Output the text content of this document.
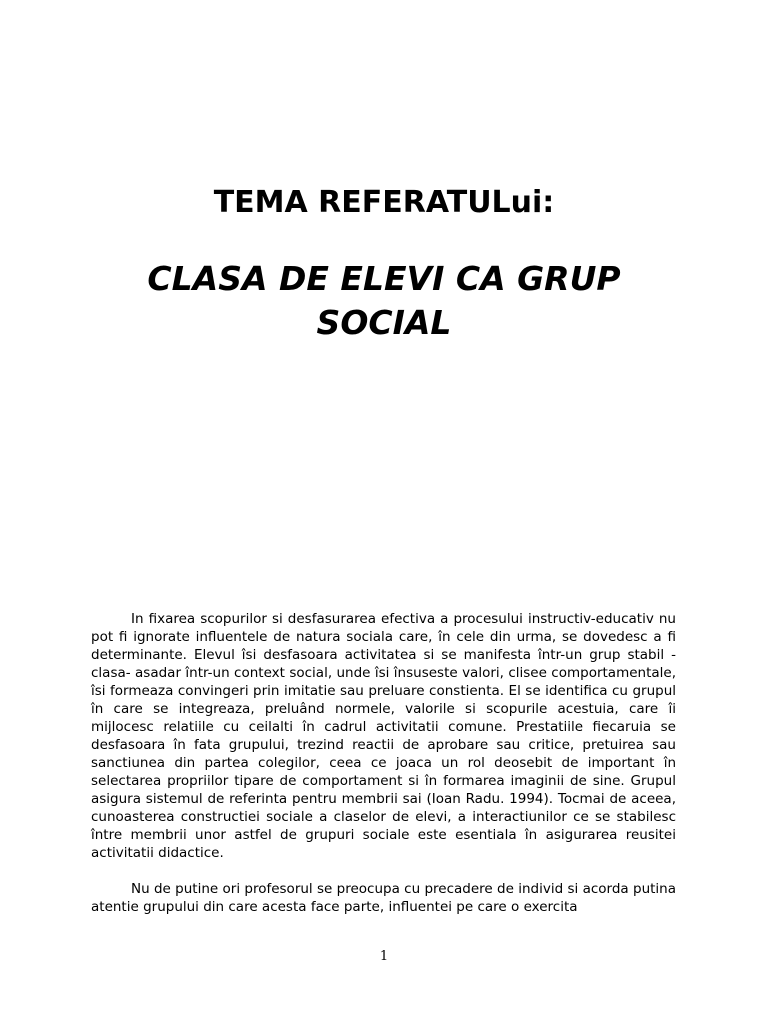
TEMA REFERATULui:
CLASA DE ELEVI CA GRUP SOCIAL

In fixarea scopurilor si desfasurarea efectiva a procesului instructiv-educativ nu pot fi ignorate influentele de natura sociala care, în cele din urma, se dovedesc a fi determinante. Elevul îsi desfasoara activitatea si se manifesta într-un grup stabil -clasa- asadar într-un context social, unde îsi însuseste valori, clisee comportamentale, îsi formeaza convingeri prin imitatie sau preluare constienta. El se identifica cu grupul în care se integreaza, preluând normele, valorile si scopurile acestuia, care îi mijlocesc relatiile cu ceilalti în cadrul activitatii comune. Prestatiile fiecaruia se desfasoara în fata grupului, trezind reactii de aprobare sau critice, pretuirea sau sanctiunea din partea colegilor, ceea ce joaca un rol deosebit de important în selectarea propriilor tipare de comportament si în formarea imaginii de sine. Grupul asigura sistemul de referinta pentru membrii sai (Ioan Radu. 1994). Tocmai de aceea, cunoasterea constructiei sociale a claselor de elevi, a interactiunilor ce se stabilesc între membrii unor astfel de grupuri sociale este esentiala în asigurarea reusitei activitatii didactice.

Nu de putine ori profesorul se preocupa cu precadere de individ si acorda putina atentie grupului din care acesta face parte, influentei pe care o exercita

1
